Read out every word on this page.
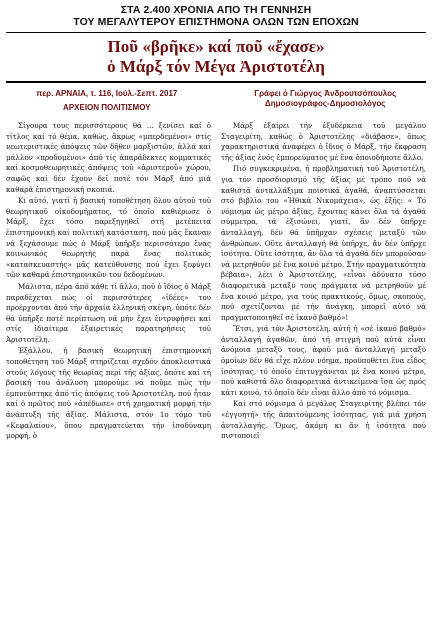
ΣΤΑ 2.400 ΧΡΟΝΙΑ ΑΠΟ ΤΗ ΓΕΝΝΗΣΗ
ΤΟΥ ΜΕΓΑΛΥΤΕΡΟΥ ΕΠΙΣΤΗΜΟΝΑ ΟΛΩΝ ΤΩΝ ΕΠΟΧΩΝ
Ποῦ «βρῆκε» καί ποῦ «ἔχασε»
ὁ Μάρξ τόν Μέγα Ἀριστοτέλη
περ. ΑΡΝΑΙΑ, τ. 116, Ιούλ.-Σεπτ. 2017
ΑΡΧΕΙΟΝ ΠΟΛΙΤΙΣΜΟΥ
Γράφει ὁ Γιώργος Ἀνδρουτσόπουλος
Δημοσιογράφος-Δημοσιολόγος

Σίγουρα τους περισσότερους θά ... ξενίσει καί ὁ τίτλος καί τό θέμα, καθώς, ἄκρως «μπερδεμένοι» στίς νεωτεριστικές ἀπόψεις τῶν δῆθεν μαρξιστῶν, ἀλλά καί μάλλον «προδομένοι» ἀπό τίς ἀπαράδεκτες κομματικές καί κοσμοθεωρητικές ἀπόψεις τοῦ «ἀριστεροῦ» χώρου, σαφῶς καί δέν ἔχουν δεῖ ποτέ τόν Μάρξ ἀπό μιά καθαρά ἐπιστημονική σκοπιά.

Κι αὐτό, γιατί ἡ βασική τοποθέτηση ὅλου αὐτοῦ τοῦ θεωρητικοῦ οἰκοδομήματος, τό ὁποῖο καθιέρωσε ὁ Μάρξ, ἔχει τόσο παρεξηγηθεῖ στή μετέπειτα ἐπιστημονική καί πολιτική κατάσταση, πού μᾶς ἔκαναν νά ξεχάσουμε πώς ὁ Μάρξ ὑπῆρξε περισσότερο ἕνας κοινωνικός θεωρητής παρά ἕνας πολιτικός «κατασκευαστής» μᾶς κατεύθυνσης πού ἔχει ξεφύγει τῶν καθαρά ἐπιστημονικῶν του δεδομένων.

Μάλιστα, πέρα ἀπό κάθε τί ἄλλο, ποῦ ὁ ἴδιος ὁ Μάρξ παραδέχεται πώς οἱ περισσότερες «ἰδέες» του προέρχονται ἀπό τήν ἀρχαία ἑλληνική σκέψη, ὁπότε δέν θά ὑπῆρξε ποτέ περίπτωση νά μήν ἔχει ἐντρυφήσει καί στίς ἰδιαίτερα ἐξαιρετικές παρατηρήσεις τοῦ Ἀριστοτέλη.

Ἐξάλλου, ἡ βασική θεωρητική ἐπιστημονική τοποθέτηση τοῦ Μάρξ στηρίζεται σχεδόν ἀποκλειστικά στούς λόγους τῆς θεωρίας περί τῆς ἀξίας, ὁπότε καί τή βασική του ἀνάλυση μπορούμε νά ποῦμε πώς τήν ἐμπνεύστηκε ἀπό τίς ἀπόψεις τοῦ Ἀριστοτέλη, πού ἦταν καί ὁ πρῶτος πού «ἀπέδωσε» στή χρηματική μορφή τήν ἀνάπτυξη τῆς ἀξίας. Μάλιστα, στόν 1ο τόμο τοῦ «Κεφαλαίου», ὅπου πραγματεύεται τήν ἰσοδύναμη μορφή, ὁ

Μάρξ ἐξαίρει τήν ἐξυδέρκεια τοῦ μεγάλου Σταγειρίτη, καθώς ὁ Ἀριστοτέλης «διάβασε», ὅπως χαρακτηριστικά ἀναφέρει ὁ ἴδιος ὁ Μάρξ, τήν ἔκφραση τῆς ἀξίας ἑνός ἐμπορεύματος μέ ἕνα ὁποιοδήποτε ἄλλο.

Πιό συγκεκριμένα, ἡ προβληματική τοῦ Ἀριστοτέλη, για τόν προσδιορισμό τῆς ἀξίας μέ τρόπο πού νά καθιστᾶ ἀνταλλάξιμα ποιοτικά ἀγαθά, ἀναπτύσσεται στό βιβλίο του «Ἠθικά Νικομάχεια», ὡς ἑξῆς: « Τό νόμισμα ὡς μέτρο ἀξίας, ἔχοντας κάνει ὅλα τά ἀγαθά σύμμετρα, τά ἐξισώνει, γιατί, ἄν δέν ὑπῆρχε ἀνταλλαγή, δέν θά ὑπῆρχαν σχέσεις μεταξύ τῶν ἀνθρώπων. Οὔτε ἀνταλλαγή θά ὑπῆρχε, ἄν δέν ὑπῆρχε ἰσότητα. Οὔτε ἰσότητα, ἄν ὅλα τά ἀγαθά δέν μποροῦσαν νά μετρηθοῦν μέ ἕνα κοινό μέτρο. Στήν πραγματικότητα βέβαια», λέει ὁ Ἀριστοτέλης, «εἶναι ἀδύνατο τόσο διαφορετικά μεταξύ τους πράγματα νά μετρηθοῦν μέ ἕνα κοινό μέτρο, για τούς πρακτικούς, ὅμως, σκοπούς, πού σχετίζονται μέ τήν ἀνάγκη, μπορεῖ αὐτό νά πραγματοποιηθεῖ σέ ἱκανό βαθμό»!

Ἔτσι, γιά τόν Ἀριστοτέλη, αὐτή ἡ «σέ ἱκανό βαθμό» ἀνταλλαγή ἀγαθῶν, ἀπό τή στιγμή πού αὐτά εἶναι ἀνόμοια μεταξύ τους, ἀφοῦ μιά ἀνταλλαγή μεταξύ ὁμοίων δέν θά εἶχε πλέον νόημα, προϋποθέτει ἕνα εἶδος ἰσότητας, τό ὁποῖο ἐπιτυγχάνεται μέ ἕνα κοινό μέτρο, πού καθιστᾶ ὅλο διαφορετικά ἀντικείμενα ἴσα ὡς πρός κάτι κοινό, τό ὁποῖο δέν εἶναι ἄλλο ἀπό τό νόμισμα.

Καί στό νόμισμα ὁ μεγάλος Σταγειρίτης βλέπει τόν «ἐγγυητή» τῆς ἀπαιτούμενης ἰσότητας, γιά μιά χρήση ἀνταλλαγής. Ὅμως, ἀκόμη κι ἄν ἡ ἰσότητα πού πιστοποιεῖ
